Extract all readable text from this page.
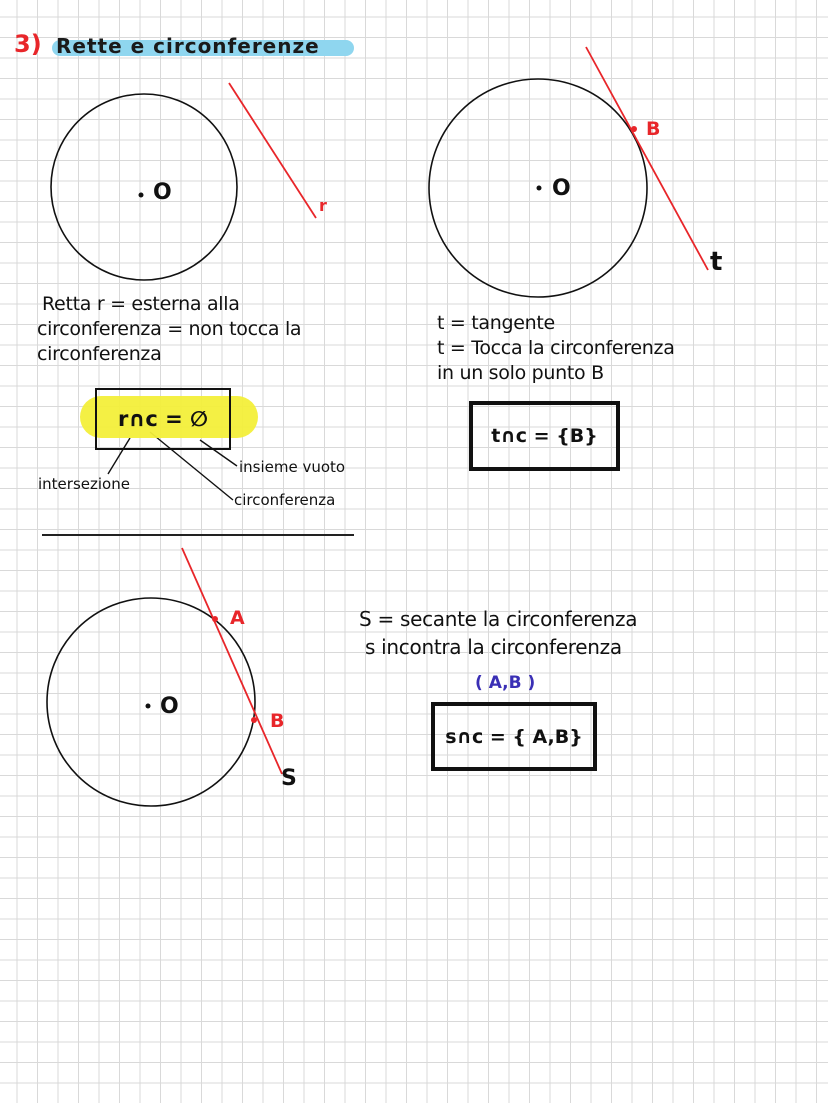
3) Rette e circonferenze
O
r
Retta r = esterna alla
circonferenza = non tocca la
circonferenza
r∩c = ∅
intersezione
insieme vuoto
circonferenza
O
B
t
t = tangente
t = Tocca la circonferenza
in un solo punto B
t∩c = {B}
O
A
B
S
S = secante la circonferenza
s incontra la circonferenza
( A,B )
s∩c = { A,B}
